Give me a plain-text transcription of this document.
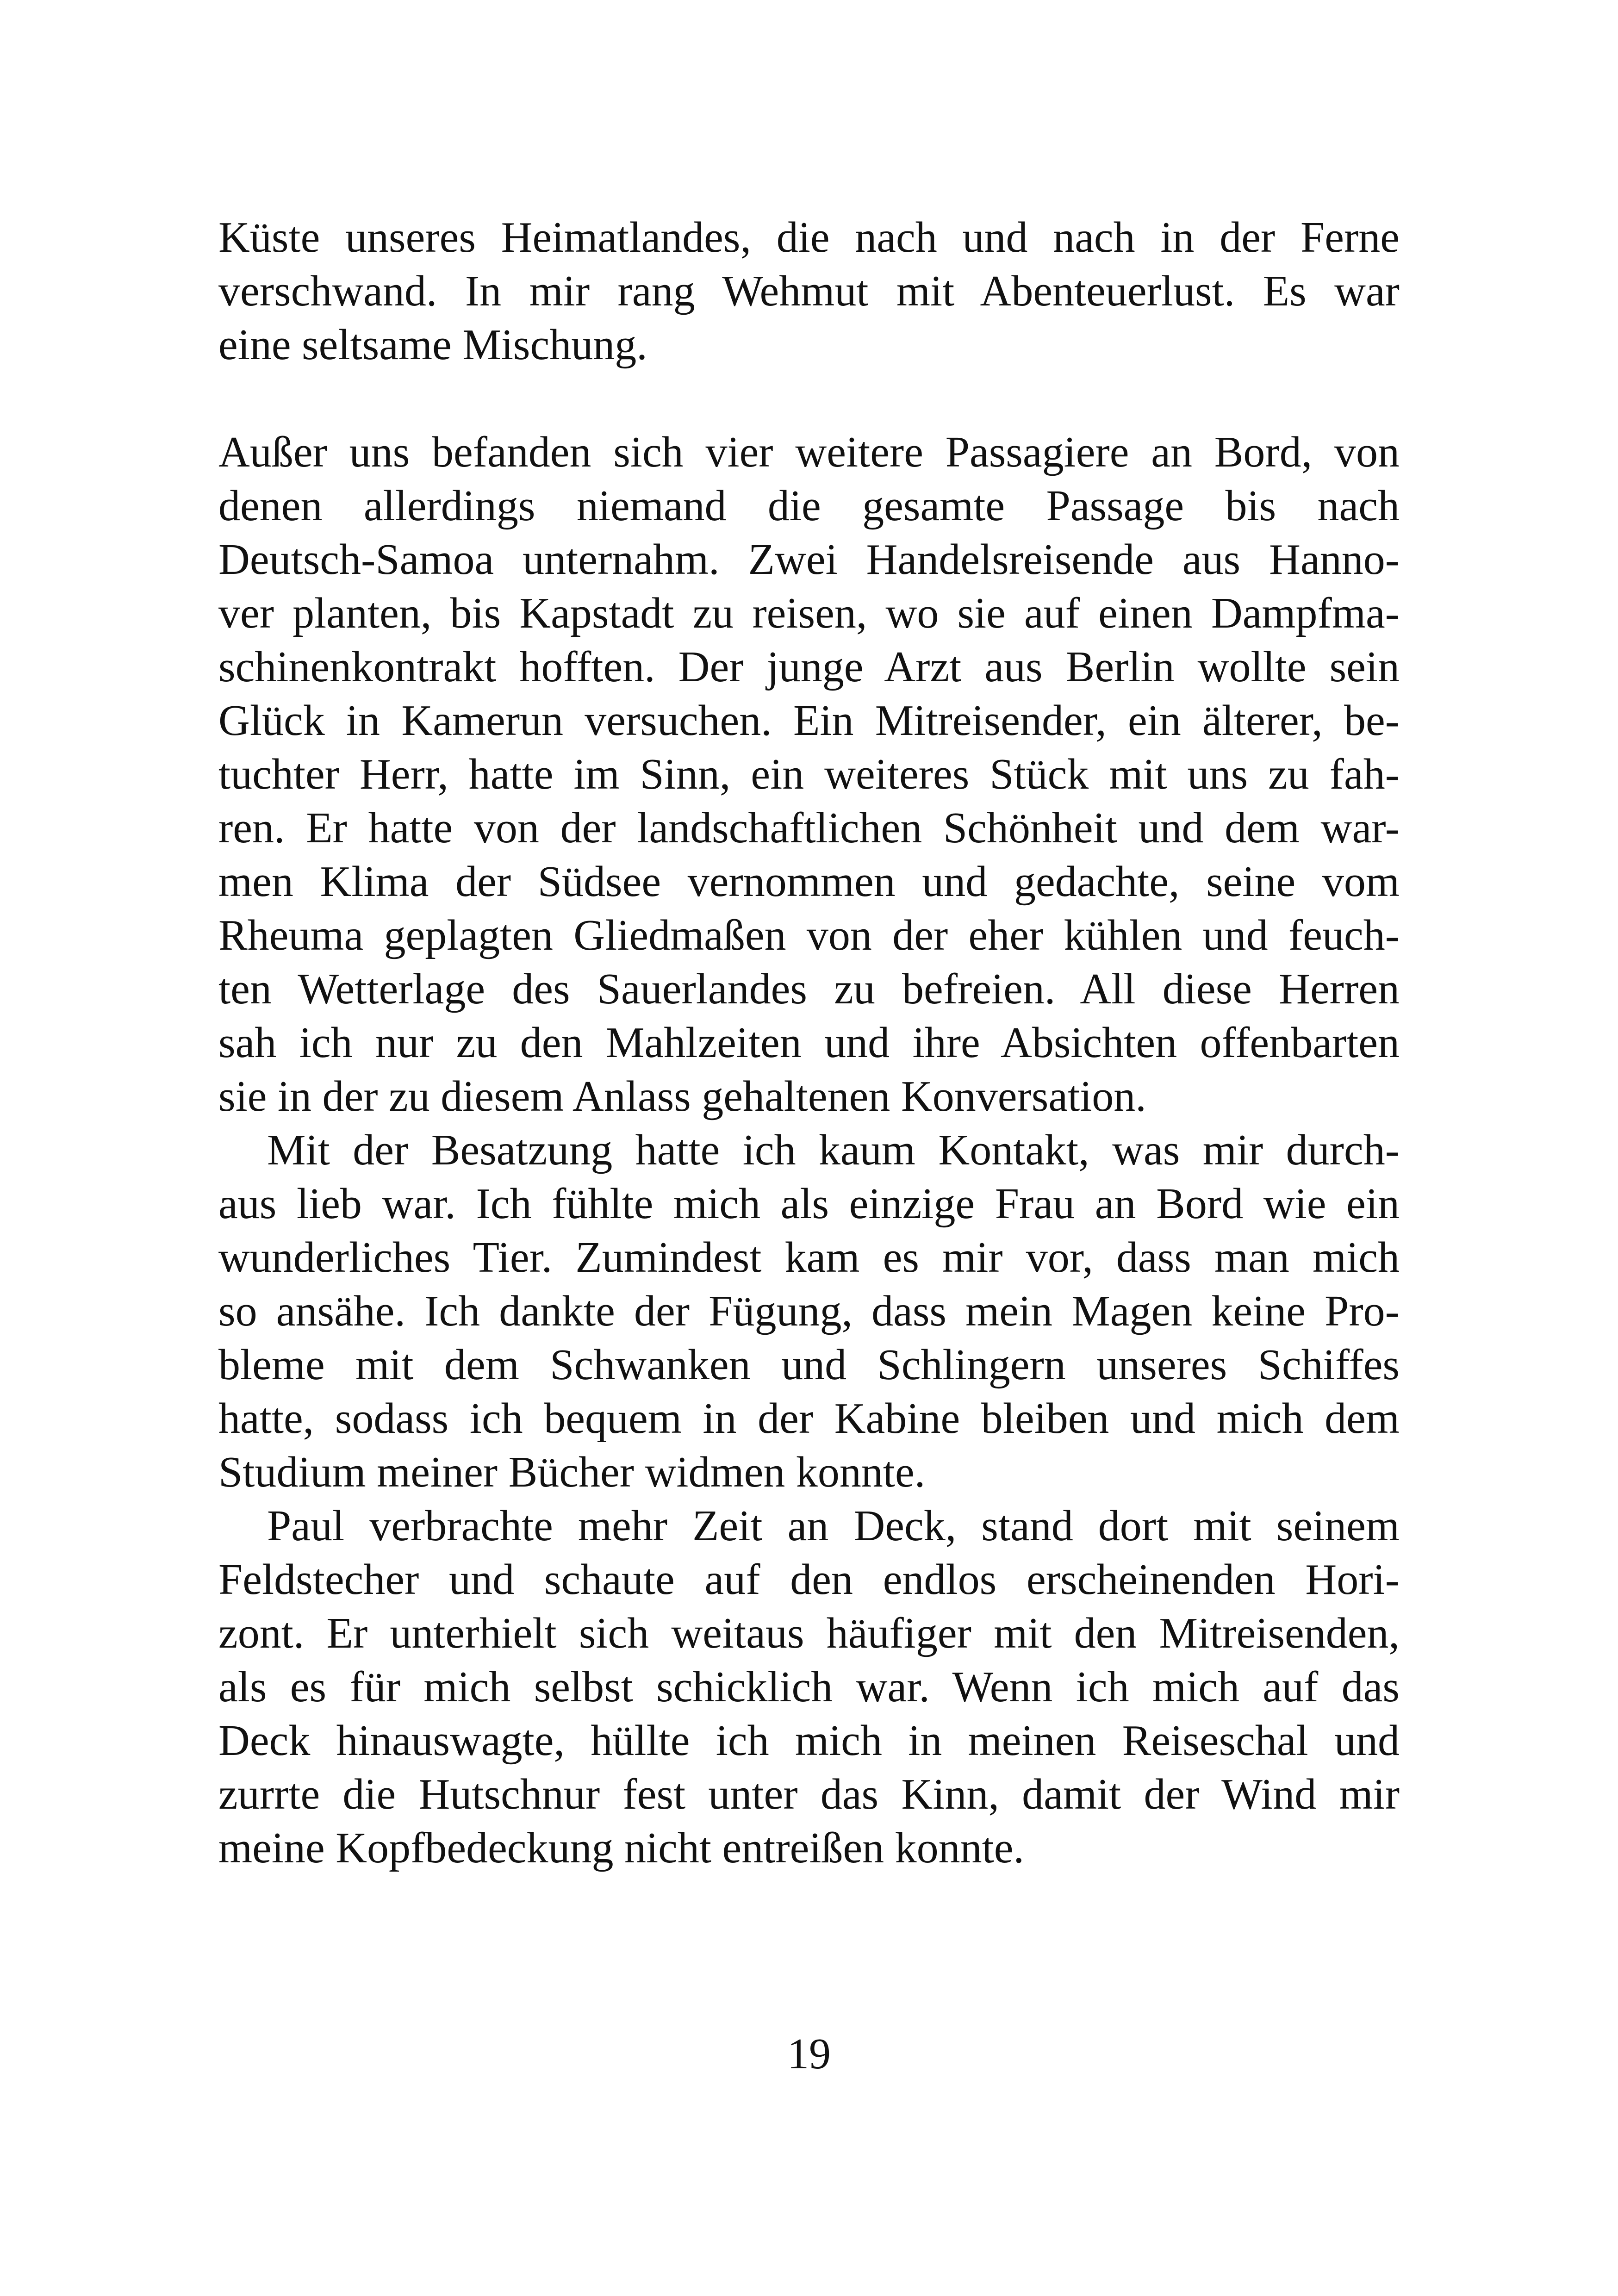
Küste unseres Heimatlandes, die nach und nach in der Ferne
verschwand. In mir rang Wehmut mit Abenteuerlust. Es war
eine seltsame Mischung.
Außer uns befanden sich vier weitere Passagiere an Bord, von
denen allerdings niemand die gesamte Passage bis nach
Deutsch-Samoa unternahm. Zwei Handelsreisende aus Hanno-
ver planten, bis Kapstadt zu reisen, wo sie auf einen Dampfma-
schinenkontrakt hofften. Der junge Arzt aus Berlin wollte sein
Glück in Kamerun versuchen. Ein Mitreisender, ein älterer, be-
tuchter Herr, hatte im Sinn, ein weiteres Stück mit uns zu fah-
ren. Er hatte von der landschaftlichen Schönheit und dem war-
men Klima der Südsee vernommen und gedachte, seine vom
Rheuma geplagten Gliedmaßen von der eher kühlen und feuch-
ten Wetterlage des Sauerlandes zu befreien. All diese Herren
sah ich nur zu den Mahlzeiten und ihre Absichten offenbarten
sie in der zu diesem Anlass gehaltenen Konversation.
Mit der Besatzung hatte ich kaum Kontakt, was mir durch-
aus lieb war. Ich fühlte mich als einzige Frau an Bord wie ein
wunderliches Tier. Zumindest kam es mir vor, dass man mich
so ansähe. Ich dankte der Fügung, dass mein Magen keine Pro-
bleme mit dem Schwanken und Schlingern unseres Schiffes
hatte, sodass ich bequem in der Kabine bleiben und mich dem
Studium meiner Bücher widmen konnte.
Paul verbrachte mehr Zeit an Deck, stand dort mit seinem
Feldstecher und schaute auf den endlos erscheinenden Hori-
zont. Er unterhielt sich weitaus häufiger mit den Mitreisenden,
als es für mich selbst schicklich war. Wenn ich mich auf das
Deck hinauswagte, hüllte ich mich in meinen Reiseschal und
zurrte die Hutschnur fest unter das Kinn, damit der Wind mir
meine Kopfbedeckung nicht entreißen konnte.
19
